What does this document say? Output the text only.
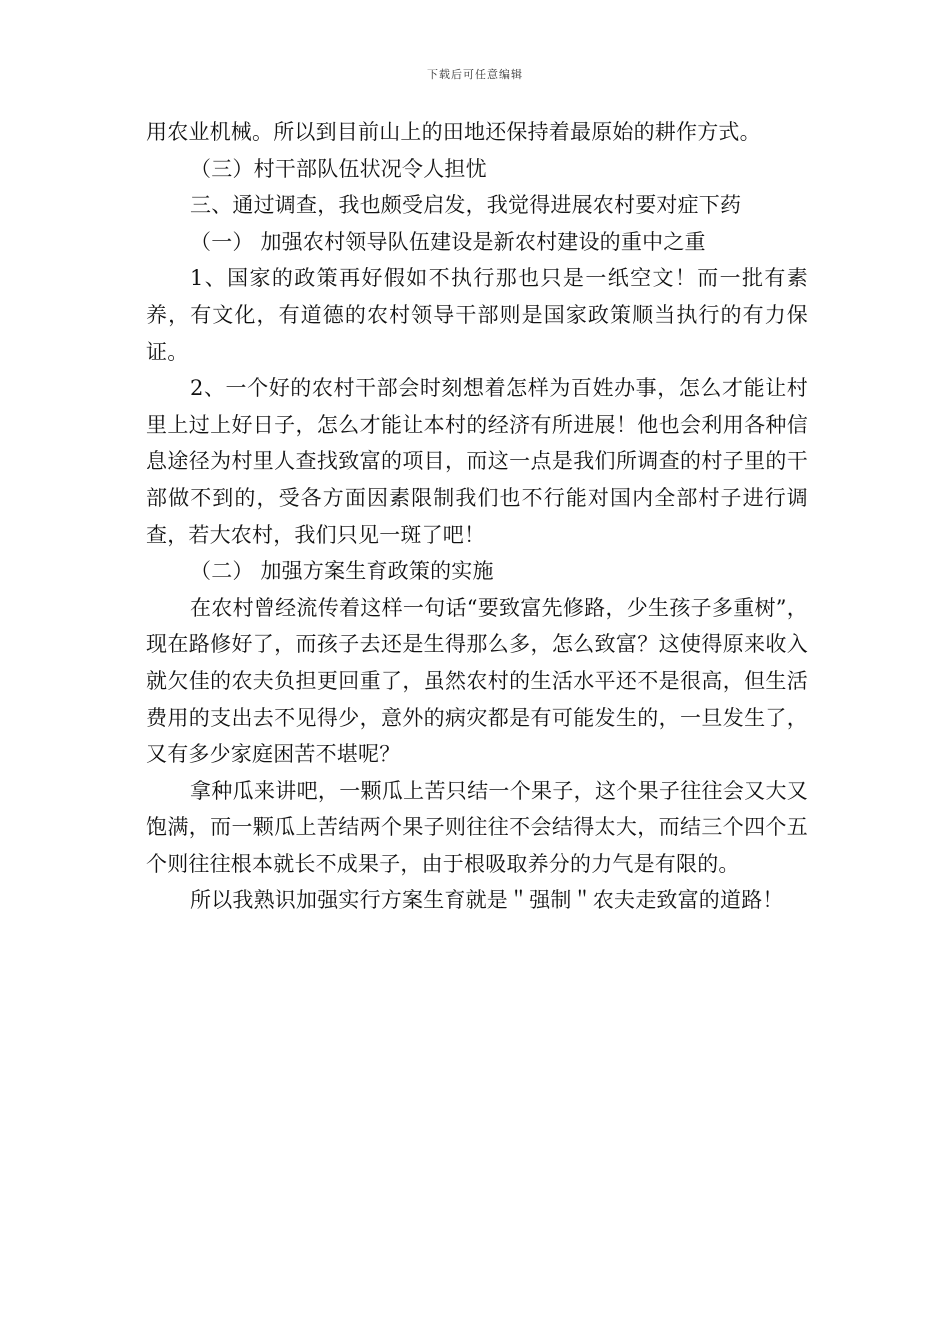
下载后可任意编辑

用农业机械。所以到目前山上的田地还保持着最原始的耕作方式。

（三）村干部队伍状况令人担忧

三、通过调查，我也颇受启发，我觉得进展农村要对症下药

（一） 加强农村领导队伍建设是新农村建设的重中之重

1、国家的政策再好假如不执行那也只是一纸空文！而一批有素养，有文化，有道德的农村领导干部则是国家政策顺当执行的有力保证。

2、一个好的农村干部会时刻想着怎样为百姓办事，怎么才能让村里上过上好日子，怎么才能让本村的经济有所进展！他也会利用各种信息途径为村里人查找致富的项目，而这一点是我们所调查的村子里的干部做不到的，受各方面因素限制我们也不行能对国内全部村子进行调查，若大农村，我们只见一斑了吧！

（二） 加强方案生育政策的实施

在农村曾经流传着这样一句话“要致富先修路，少生孩子多重树”，现在路修好了，而孩子去还是生得那么多，怎么致富？这使得原来收入就欠佳的农夫负担更回重了，虽然农村的生活水平还不是很高，但生活费用的支出去不见得少，意外的病灾都是有可能发生的，一旦发生了，又有多少家庭困苦不堪呢？

拿种瓜来讲吧，一颗瓜上苦只结一个果子，这个果子往往会又大又饱满，而一颗瓜上苦结两个果子则往往不会结得太大，而结三个四个五个则往往根本就长不成果子，由于根吸取养分的力气是有限的。

所以我熟识加强实行方案生育就是＂强制＂农夫走致富的道路！
